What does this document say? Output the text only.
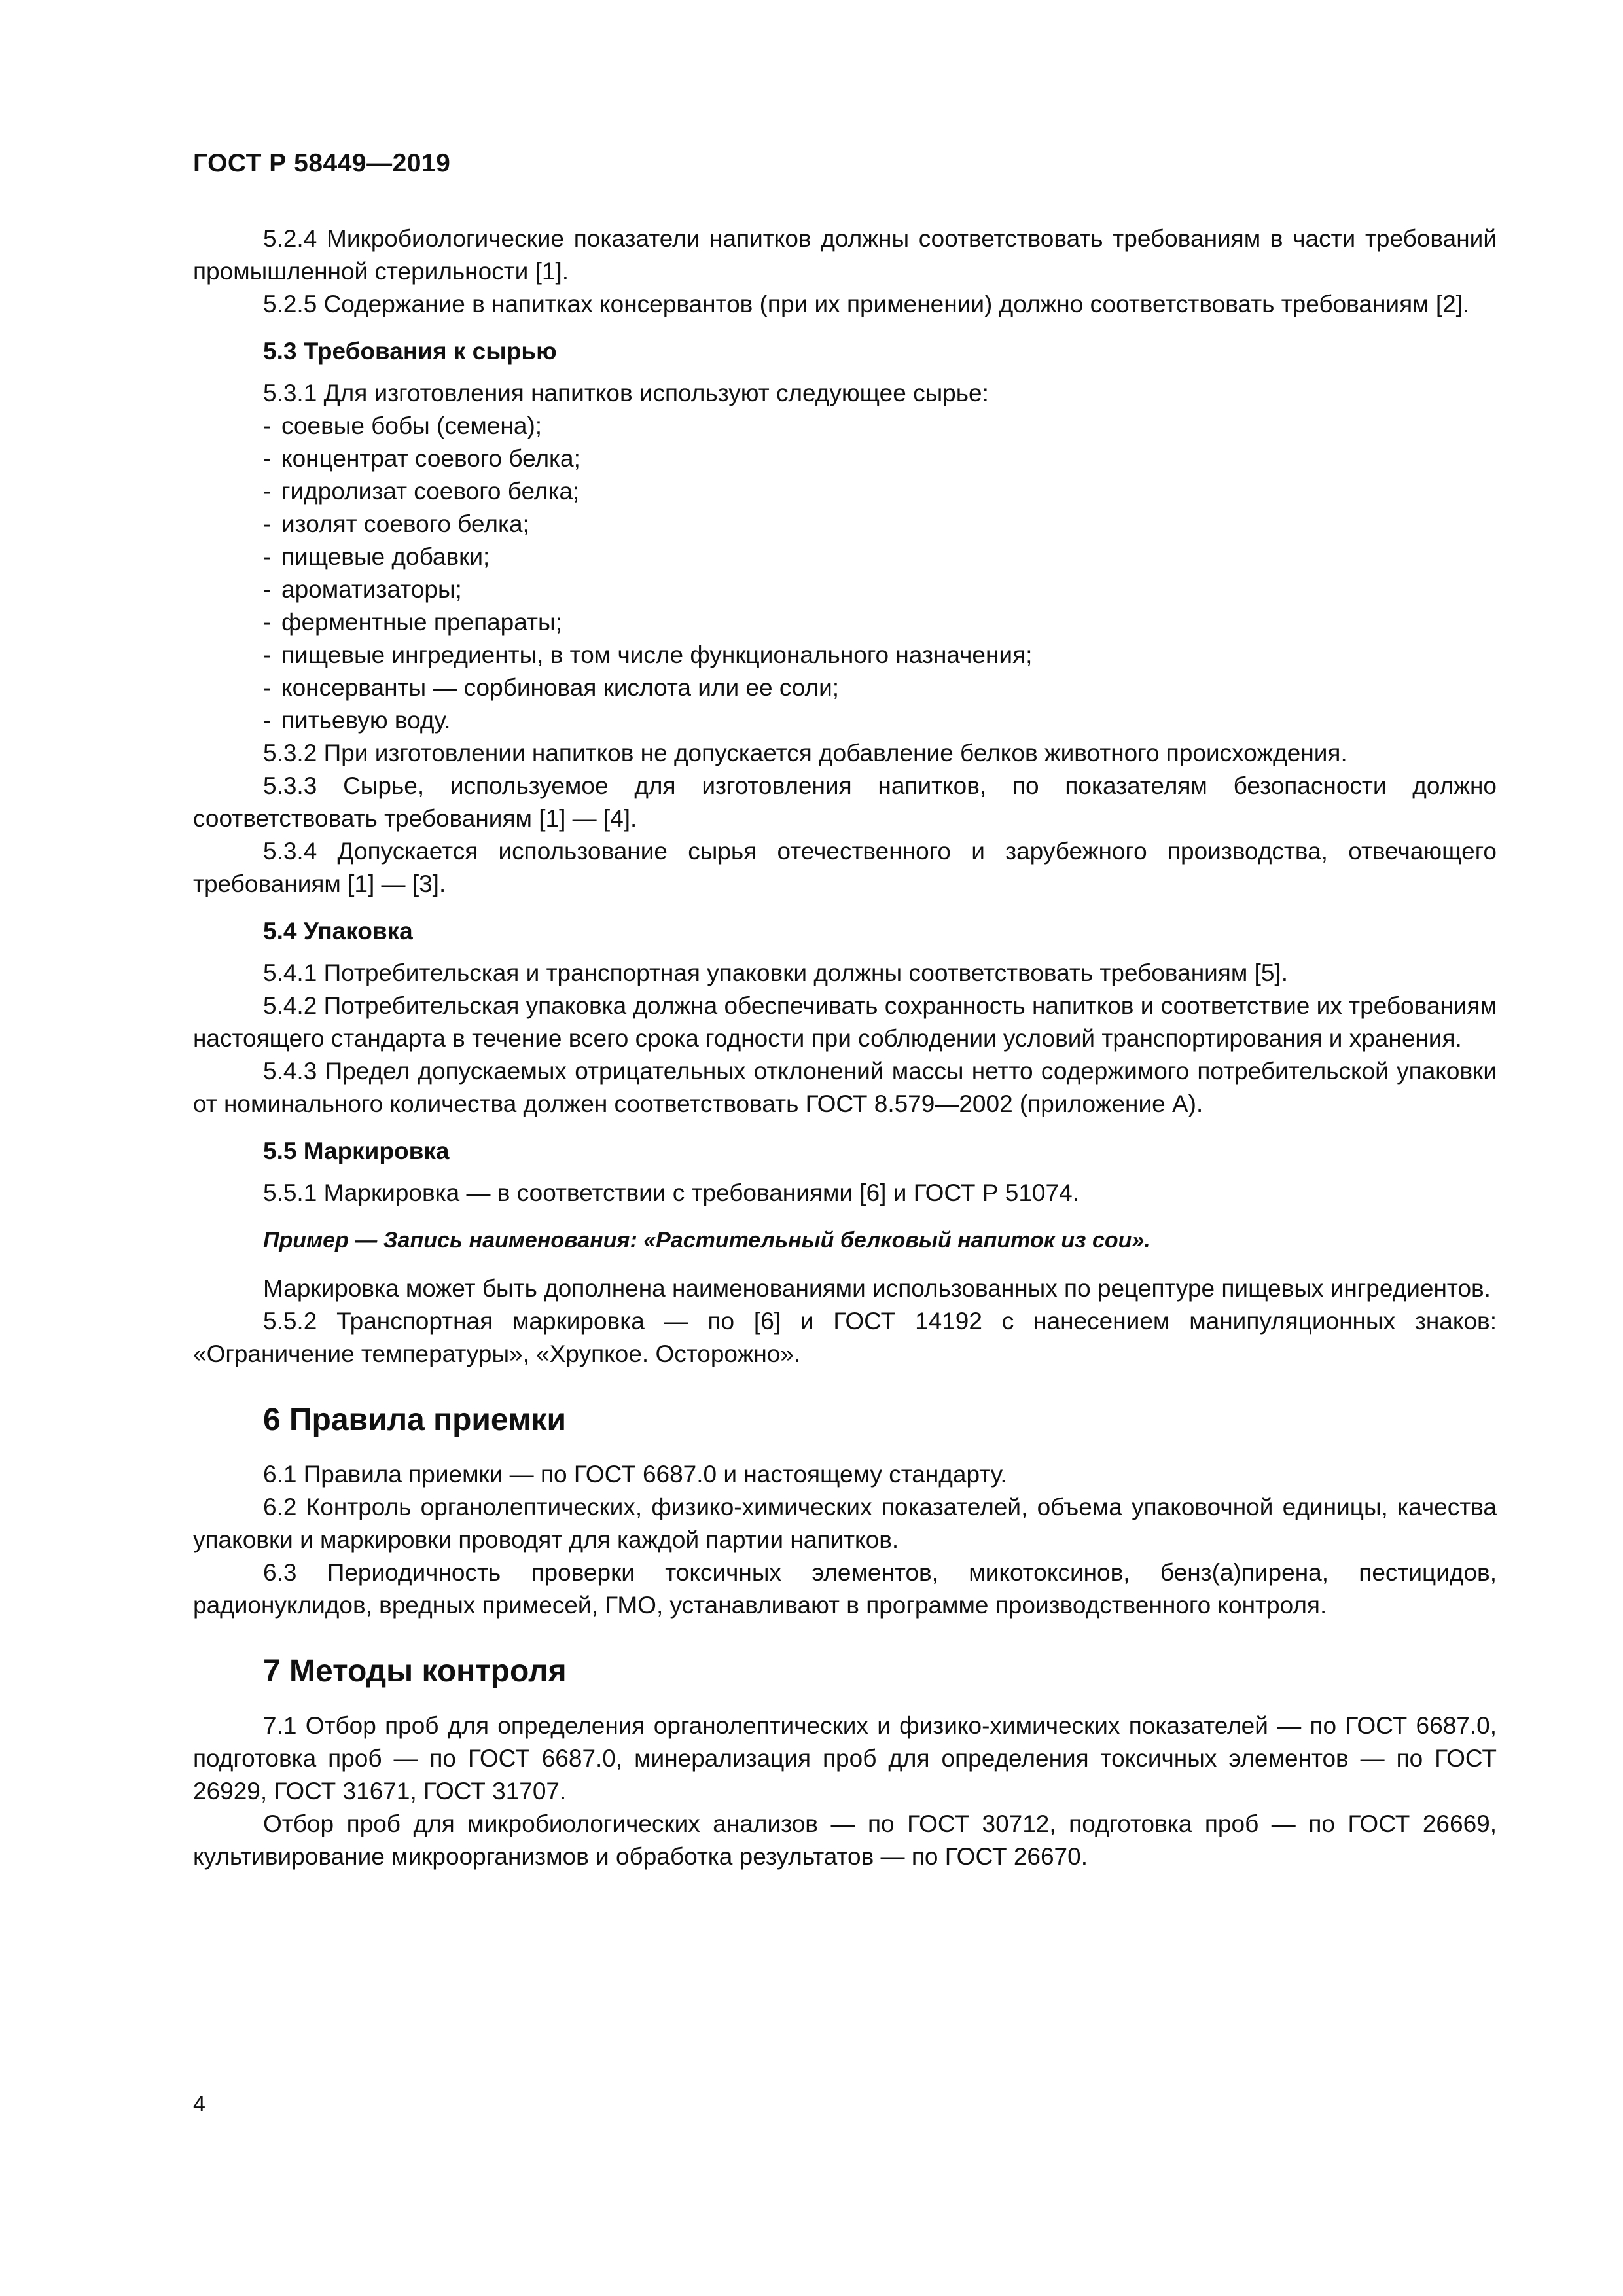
ГОСТ Р 58449—2019

5.2.4 Микробиологические показатели напитков должны соответствовать требованиям в части требований промышленной стерильности [1].

5.2.5 Содержание в напитках консервантов (при их применении) должно соответствовать требованиям [2].

5.3 Требования к сырью

5.3.1 Для изготовления напитков используют следующее сырье:

- соевые бобы (семена);
- концентрат соевого белка;
- гидролизат соевого белка;
- изолят соевого белка;
- пищевые добавки;
- ароматизаторы;
- ферментные препараты;
- пищевые ингредиенты, в том числе функционального назначения;
- консерванты — сорбиновая кислота или ее соли;
- питьевую воду.

5.3.2 При изготовлении напитков не допускается добавление белков животного происхождения.

5.3.3 Сырье, используемое для изготовления напитков, по показателям безопасности должно соответствовать требованиям [1] — [4].

5.3.4 Допускается использование сырья отечественного и зарубежного производства, отвечающего требованиям [1] — [3].

5.4 Упаковка

5.4.1 Потребительская и транспортная упаковки должны соответствовать требованиям [5].

5.4.2 Потребительская упаковка должна обеспечивать сохранность напитков и соответствие их требованиям настоящего стандарта в течение всего срока годности при соблюдении условий транспортирования и хранения.

5.4.3 Предел допускаемых отрицательных отклонений массы нетто содержимого потребительской упаковки от номинального количества должен соответствовать ГОСТ 8.579—2002 (приложение А).

5.5 Маркировка

5.5.1 Маркировка — в соответствии с требованиями [6] и ГОСТ Р 51074.

Пример — Запись наименования: «Растительный белковый напиток из сои».

Маркировка может быть дополнена наименованиями использованных по рецептуре пищевых ингредиентов.

5.5.2 Транспортная маркировка — по [6] и ГОСТ 14192 с нанесением манипуляционных знаков: «Ограничение температуры», «Хрупкое. Осторожно».

6 Правила приемки

6.1 Правила приемки — по ГОСТ 6687.0 и настоящему стандарту.

6.2 Контроль органолептических, физико-химических показателей, объема упаковочной единицы, качества упаковки и маркировки проводят для каждой партии напитков.

6.3 Периодичность проверки токсичных элементов, микотоксинов, бенз(а)пирена, пестицидов, радионуклидов, вредных примесей, ГМО, устанавливают в программе производственного контроля.

7 Методы контроля

7.1 Отбор проб для определения органолептических и физико-химических показателей — по ГОСТ 6687.0, подготовка проб — по ГОСТ 6687.0, минерализация проб для определения токсичных элементов — по ГОСТ 26929, ГОСТ 31671, ГОСТ 31707.

Отбор проб для микробиологических анализов — по ГОСТ 30712, подготовка проб — по ГОСТ 26669, культивирование микроорганизмов и обработка результатов — по ГОСТ 26670.

4
